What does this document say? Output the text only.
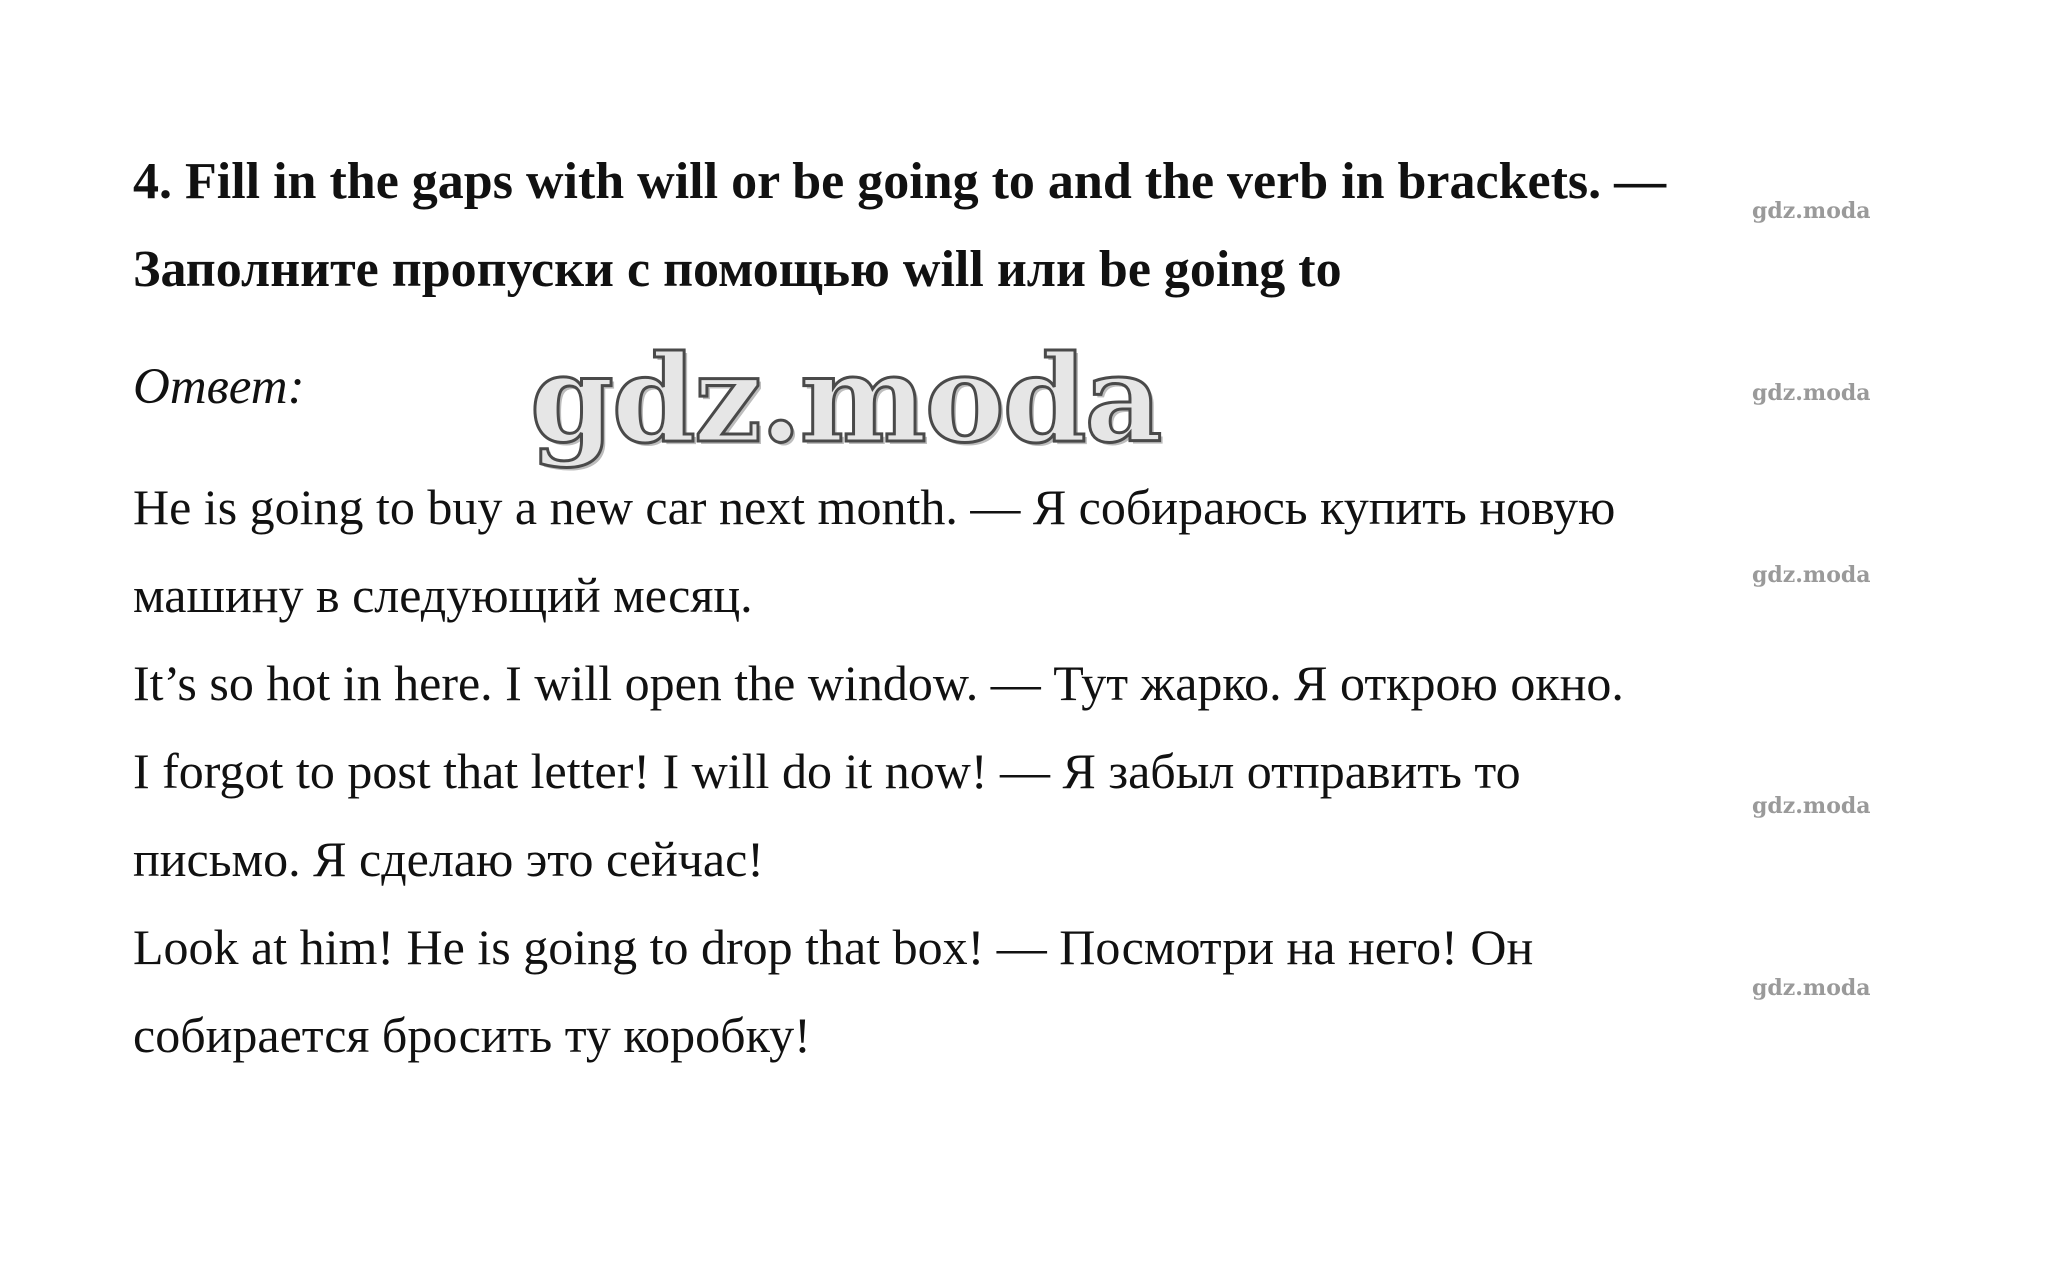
4. Fill in the gaps with will or be going to and the verb in brackets. —
Заполните пропуски с помощью will или be going to

Ответ: gdz.moda

He is going to buy a new car next month. — Я собираюсь купить новую
машину в следующий месяц.

It’s so hot in here. I will open the window. — Тут жарко. Я открою окно.

I forgot to post that letter! I will do it now! — Я забыл отправить то
письмо. Я сделаю это сейчас!

Look at him! He is going to drop that box! — Посмотри на него! Он
собирается бросить ту коробку!

gdz.moda
gdz.moda
gdz.moda
gdz.moda
gdz.moda
